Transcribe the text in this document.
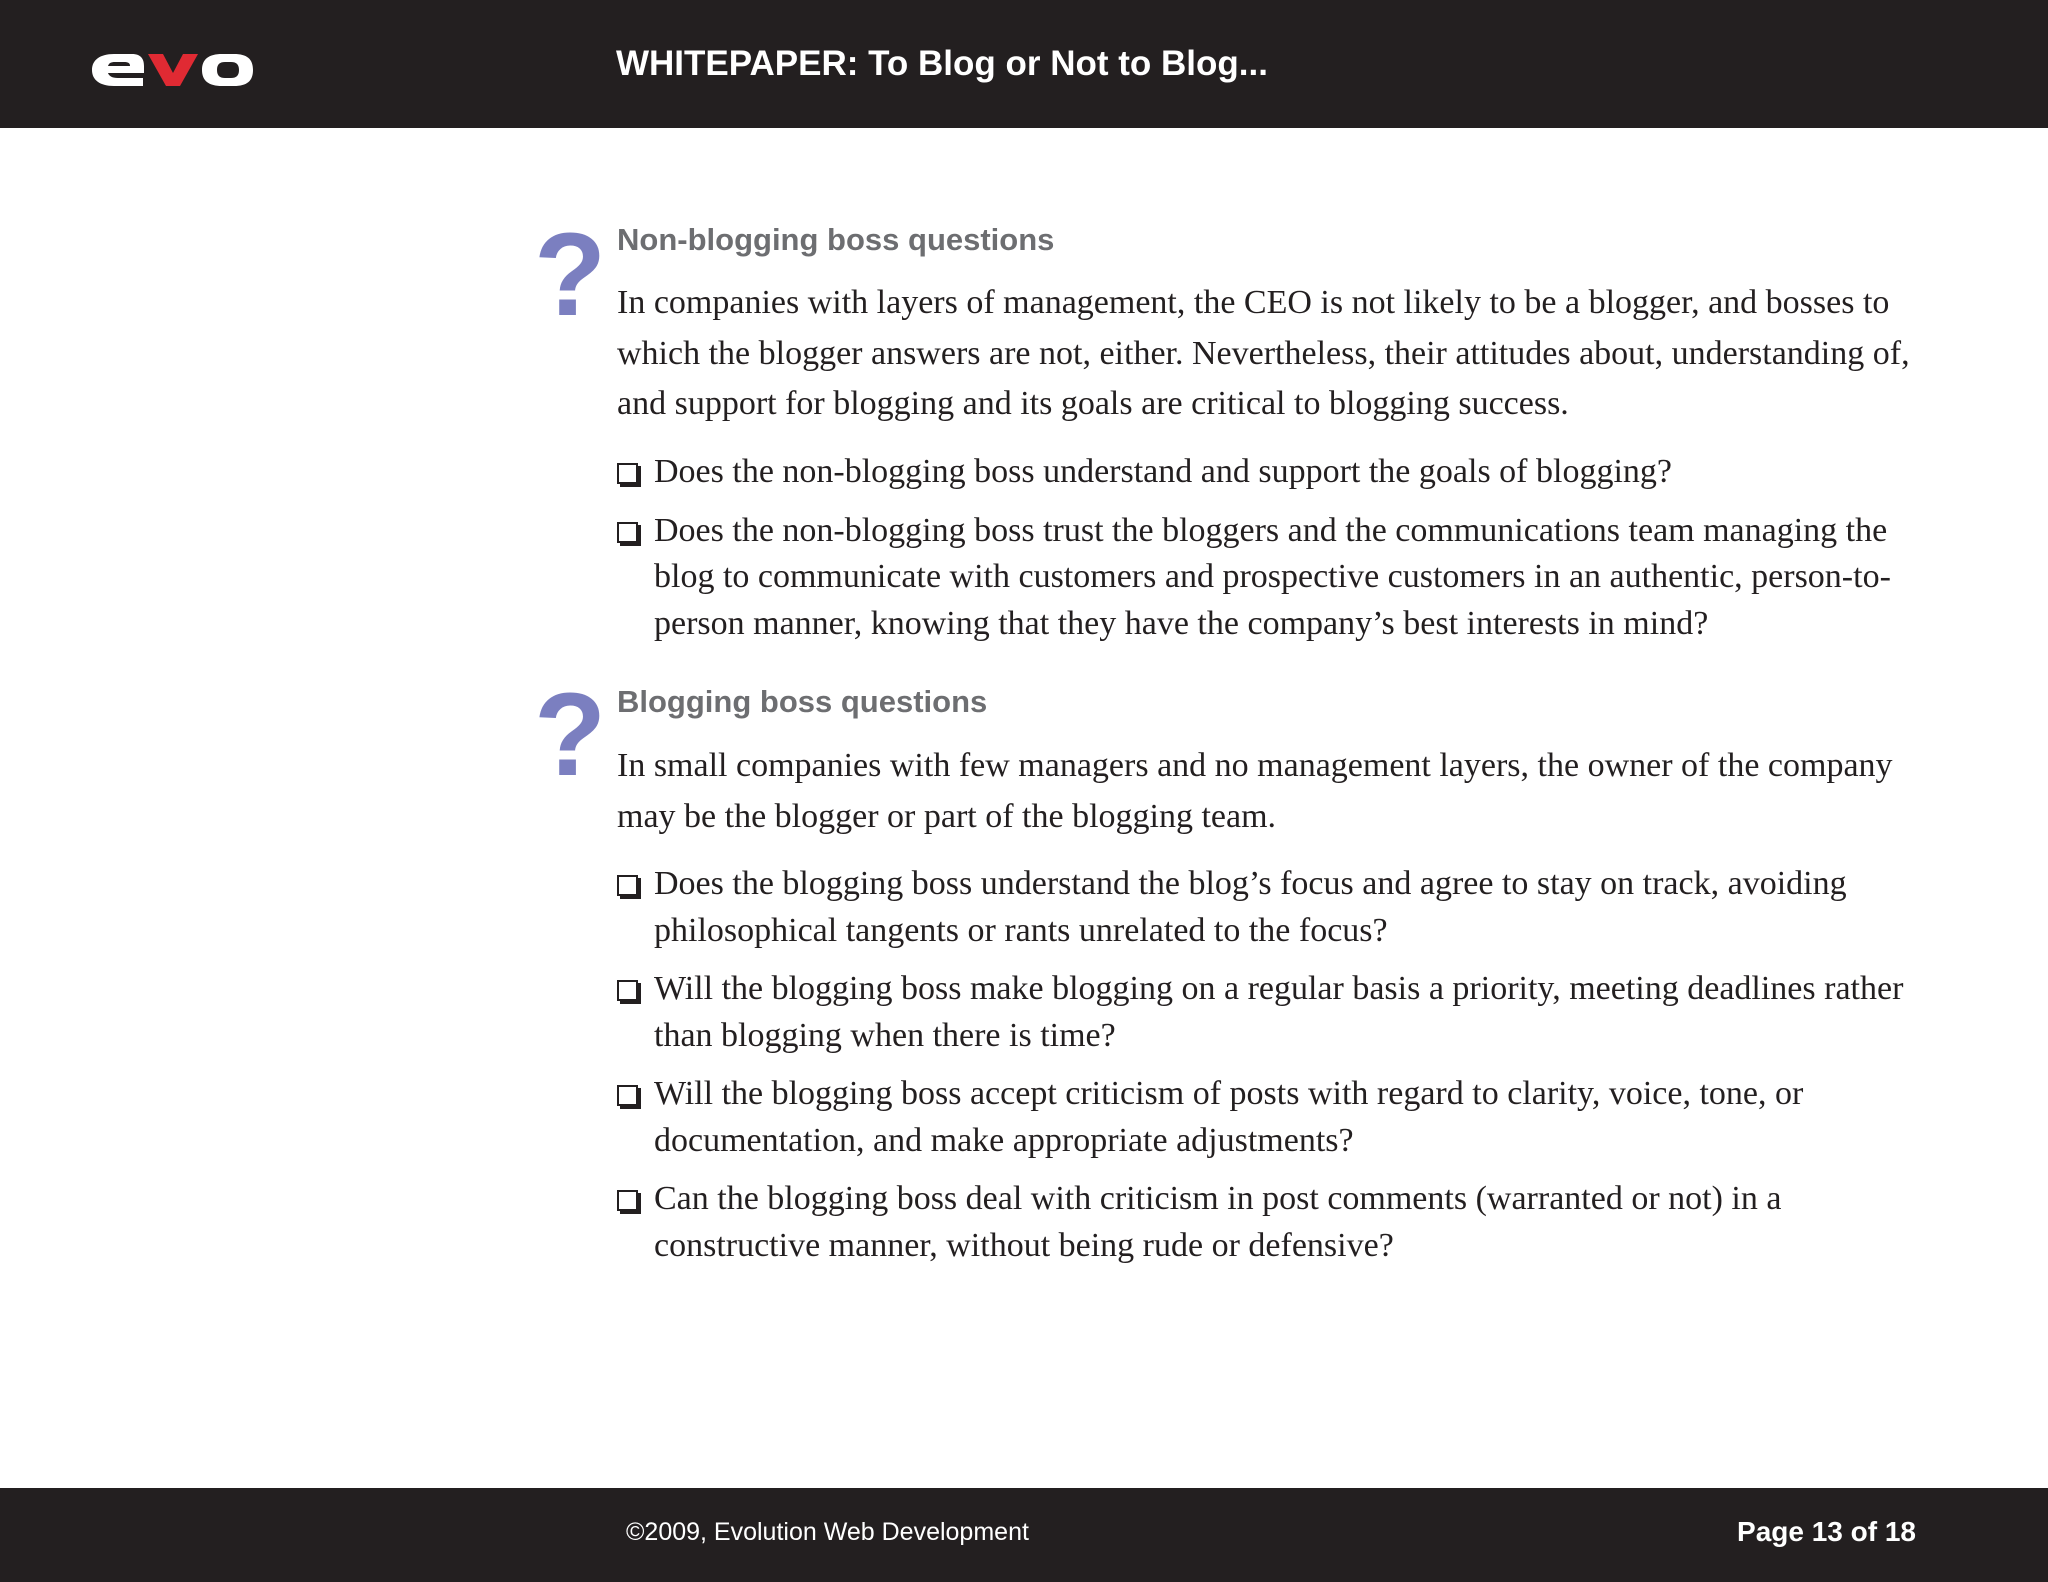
WHITEPAPER: To Blog or Not to Blog...
? Non-blogging boss questions

In companies with layers of management, the CEO is not likely to be a blogger, and bosses to which the blogger answers are not, either. Nevertheless, their attitudes about, understanding of, and support for blogging and its goals are critical to blogging success.

Does the non-blogging boss understand and support the goals of blogging?
Does the non-blogging boss trust the bloggers and the communications team managing the blog to communicate with customers and prospective customers in an authentic, person-to-person manner, knowing that they have the company’s best interests in mind?
? Blogging boss questions

In small companies with few managers and no management layers, the owner of the company may be the blogger or part of the blogging team.

Does the blogging boss understand the blog’s focus and agree to stay on track, avoiding philosophical tangents or rants unrelated to the focus?
Will the blogging boss make blogging on a regular basis a priority, meeting deadlines rather than blogging when there is time?
Will the blogging boss accept criticism of posts with regard to clarity, voice, tone, or documentation, and make appropriate adjustments?
Can the blogging boss deal with criticism in post comments (warranted or not) in a constructive manner, without being rude or defensive?
©2009, Evolution Web Development	Page 13 of 18
